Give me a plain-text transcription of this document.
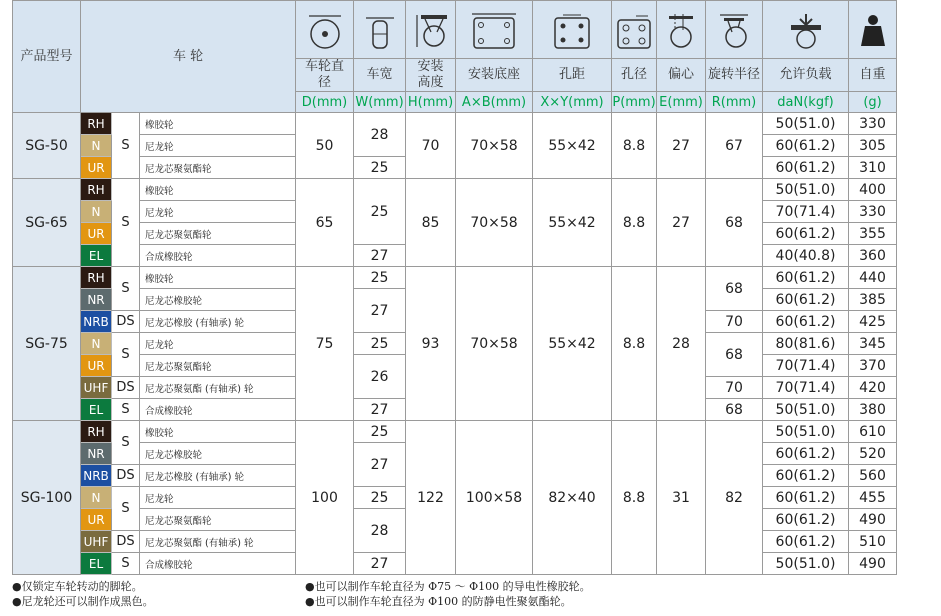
产品型号	车 轮	

				车轮直径	车宽	安装高度	安装底座	孔距	孔径	偏心	旋转半径	允许负载	自重
				D(mm)	W(mm)	H(mm)	A×B(mm)	X×Y(mm)	P(mm)	E(mm)	R(mm)	daN(kgf)	(g)
SG-50	RH	S	橡胶轮	50	28	70	70×58	55×42	8.8	27	67	50(51.0)	330
	N		尼龙轮									60(61.2)	305
	UR		尼龙芯聚氨酯轮		25							60(61.2)	310
SG-65	RH	S	橡胶轮	65	25	85	70×58	55×42	8.8	27	68	50(51.0)	400
	N		尼龙轮									70(71.4)	330
	UR		尼龙芯聚氨酯轮									60(61.2)	355
	EL		合成橡胶轮		27							40(40.8)	360
SG-75	RH	S	橡胶轮	75	25	93	70×58	55×42	8.8	28	68	60(61.2)	440
	NR		尼龙芯橡胶轮		27							60(61.2)	385
	NRB	DS	尼龙芯橡胶 (有轴承) 轮								70	60(61.2)	425
	N	S	尼龙轮		25						68	80(81.6)	345
	UR		尼龙芯聚氨酯轮		26							70(71.4)	370
	UHF	DS	尼龙芯聚氨酯 (有轴承) 轮								70	70(71.4)	420
	EL	S	合成橡胶轮		27						68	50(51.0)	380
SG-100	RH	S	橡胶轮	100	25	122	100×58	82×40	8.8	31	82	50(51.0)	610
	NR		尼龙芯橡胶轮		27							60(61.2)	520
	NRB	DS	尼龙芯橡胶 (有轴承) 轮									60(61.2)	560
	N	S	尼龙轮		25							60(61.2)	455
	UR		尼龙芯聚氨酯轮		28							60(61.2)	490
	UHF	DS	尼龙芯聚氨酯 (有轴承) 轮									60(61.2)	510
	EL	S	合成橡胶轮		27							50(51.0)	490
●仅锁定车轮转动的脚轮。
●尼龙轮还可以制作成黑色。
●也可以制作车轮直径为 Φ75 ～ Φ100 的导电性橡胶轮。
●也可以制作车轮直径为 Φ100 的防静电性聚氨酯轮。
